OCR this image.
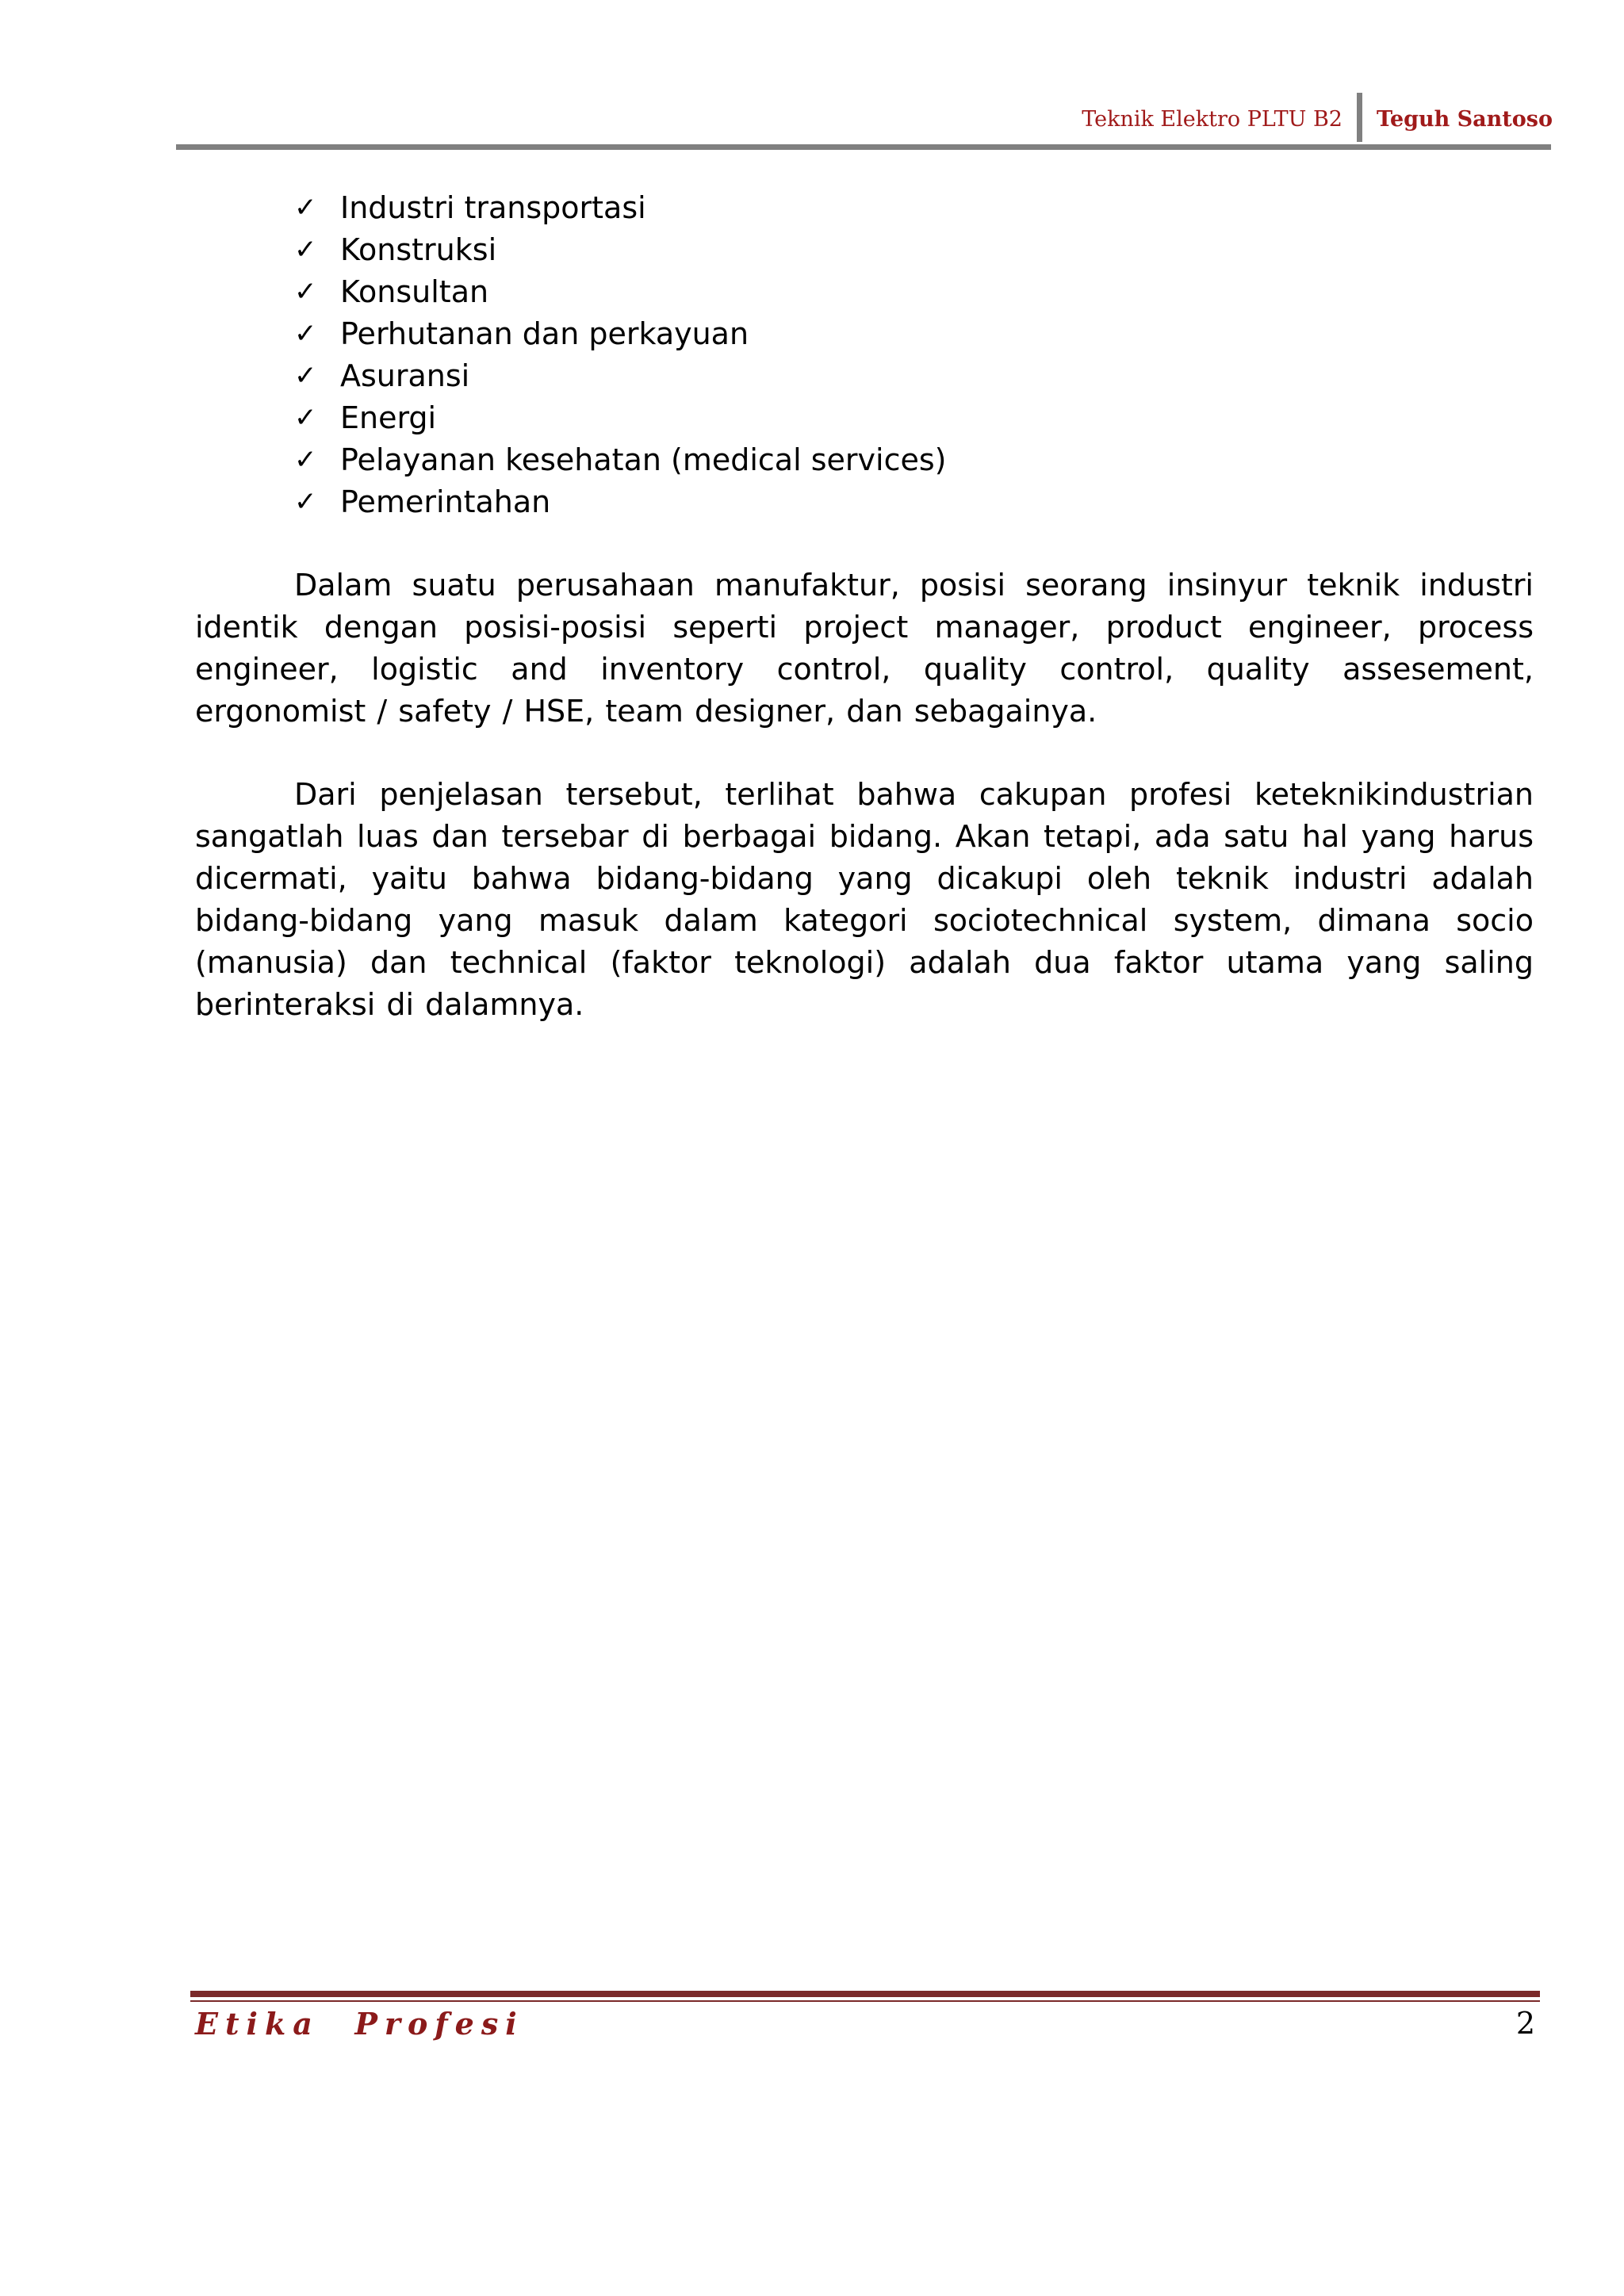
Teknik Elektro PLTU B2	Teguh Santoso
✓ Industri transportasi
✓ Konstruksi
✓ Konsultan
✓ Perhutanan dan perkayuan
✓ Asuransi
✓ Energi
✓ Pelayanan kesehatan (medical services)
✓ Pemerintahan

Dalam suatu perusahaan manufaktur, posisi seorang insinyur teknik industri identik dengan posisi-posisi seperti project manager, product engineer, process engineer, logistic and inventory control, quality control, quality assesement, ergonomist / safety / HSE, team designer, dan sebagainya.

Dari penjelasan tersebut, terlihat bahwa cakupan profesi keteknikindustrian sangatlah luas dan tersebar di berbagai bidang. Akan tetapi, ada satu hal yang harus dicermati, yaitu bahwa bidang-bidang yang dicakupi oleh teknik industri adalah bidang-bidang yang masuk dalam kategori sociotechnical system, dimana socio (manusia) dan technical (faktor teknologi) adalah dua faktor utama yang saling berinteraksi di dalamnya.

Etika  Profesi	2
